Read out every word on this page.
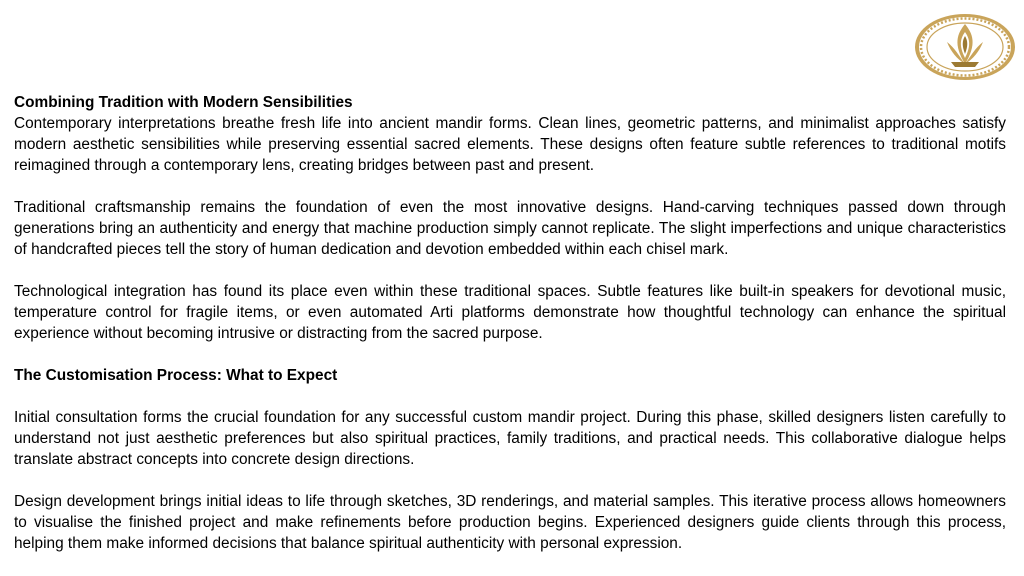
Combining Tradition with Modern Sensibilities

Contemporary interpretations breathe fresh life into ancient mandir forms. Clean lines, geometric patterns, and minimalist approaches satisfy modern aesthetic sensibilities while preserving essential sacred elements. These designs often feature subtle references to traditional motifs reimagined through a contemporary lens, creating bridges between past and present.

Traditional craftsmanship remains the foundation of even the most innovative designs. Hand-carving techniques passed down through generations bring an authenticity and energy that machine production simply cannot replicate. The slight imperfections and unique characteristics of handcrafted pieces tell the story of human dedication and devotion embedded within each chisel mark.

Technological integration has found its place even within these traditional spaces. Subtle features like built-in speakers for devotional music, temperature control for fragile items, or even automated Arti platforms demonstrate how thoughtful technology can enhance the spiritual experience without becoming intrusive or distracting from the sacred purpose.

The Customisation Process: What to Expect

Initial consultation forms the crucial foundation for any successful custom mandir project. During this phase, skilled designers listen carefully to understand not just aesthetic preferences but also spiritual practices, family traditions, and practical needs. This collaborative dialogue helps translate abstract concepts into concrete design directions.

Design development brings initial ideas to life through sketches, 3D renderings, and material samples. This iterative process allows homeowners to visualise the finished project and make refinements before production begins. Experienced designers guide clients through this process, helping them make informed decisions that balance spiritual authenticity with personal expression.
